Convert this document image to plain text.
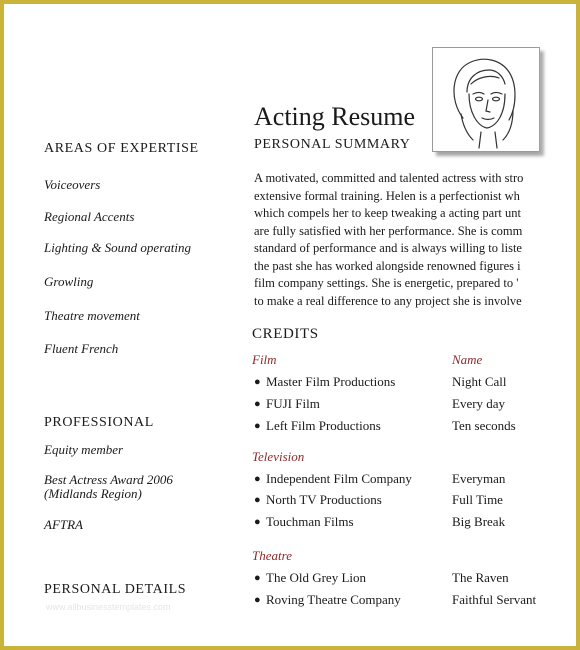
AREAS OF EXPERTISE
Voiceovers
Regional Accents
Lighting & Sound operating
Growling
Theatre movement
Fluent French
PROFESSIONAL
Equity member
Best Actress Award 2006
(Midlands Region)
AFTRA
PERSONAL DETAILS
www.allbusinesstemplates.com
Acting Resume
PERSONAL SUMMARY
A motivated, committed and talented actress with stro
extensive formal training. Helen is a perfectionist wh
which compels her to keep tweaking a acting part unt
are fully satisfied with her performance. She is comm
standard of performance and is always willing to liste
the past she has worked alongside renowned figures i
film company settings. She is energetic, prepared to '
to make a real difference to any project she is involve
CREDITS
Film	Name
● Master Film Productions	Night Call
● FUJI Film	Every day
● Left Film Productions	Ten seconds
Television
● Independent Film Company	Everyman
● North TV Productions	Full Time
● Touchman Films	Big Break
Theatre
● The Old Grey Lion	The Raven
● Roving Theatre Company	Faithful Servant
